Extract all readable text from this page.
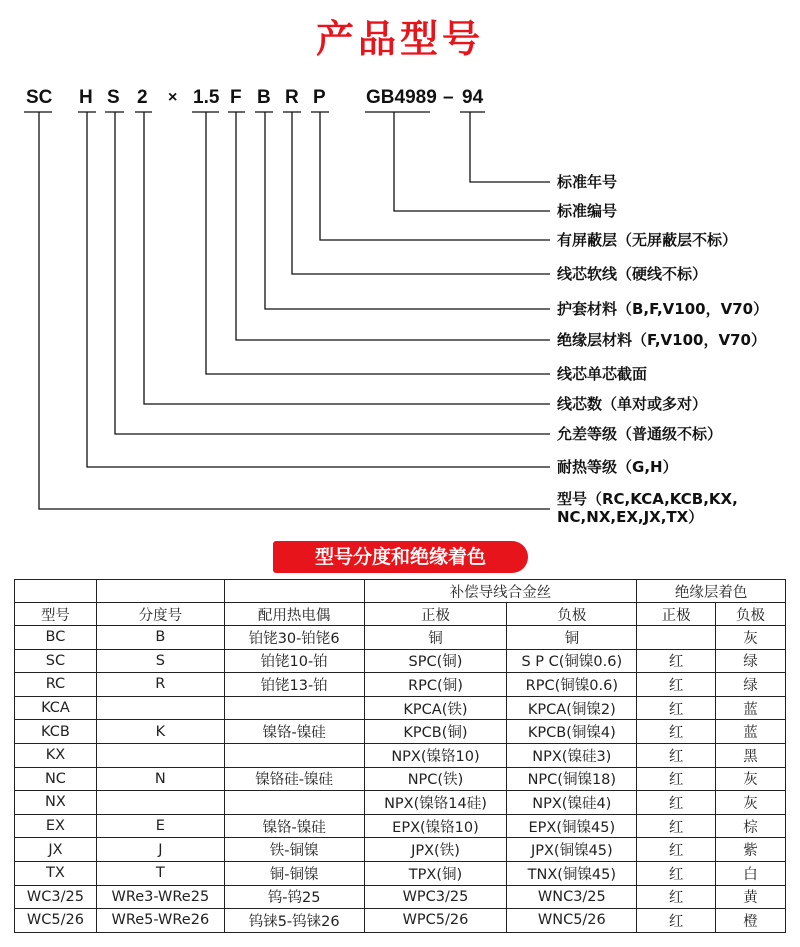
产品型号
SC H S 2 × 1.5 F B R P GB4989 – 94
标准年号
标准编号
有屏蔽层（无屏蔽层不标）
线芯软线（硬线不标）
护套材料（B,F,V100，V70）
绝缘层材料（F,V100，V70）
线芯单芯截面
线芯数（单对或多对）
允差等级（普通级不标）
耐热等级（G,H）
型号（RC,KCA,KCB,KX, NC,NX,EX,JX,TX）
型号分度和绝缘着色
			补偿导线合金丝		绝缘层着色	
型号	分度号	配用热电偶	正极	负极	正极	负极
BC	B	铂铑30-铂铑6	铜	铜		灰
SC	S	铂铑10-铂	SPC(铜)	S P C(铜镍0.6)	红	绿
RC	R	铂铑13-铂	RPC(铜)	RPC(铜镍0.6)	红	绿
KCA			KPCA(铁)	KPCA(铜镍2)	红	蓝
KCB	K	镍铬-镍硅	KPCB(铜)	KPCB(铜镍4)	红	蓝
KX			NPX(镍铬10)	NPX(镍硅3)	红	黑
NC	N	镍铬硅-镍硅	NPC(铁)	NPC(铜镍18)	红	灰
NX			NPX(镍铬14硅)	NPX(镍硅4)	红	灰
EX	E	镍铬-镍硅	EPX(镍铬10)	EPX(铜镍45)	红	棕
JX	J	铁-铜镍	JPX(铁)	JPX(铜镍45)	红	紫
TX	T	铜-铜镍	TPX(铜)	TNX(铜镍45)	红	白
WC3/25	WRe3-WRe25	钨-钨25	WPC3/25	WNC3/25	红	黄
WC5/26	WRe5-WRe26	钨铼5-钨铼26	WPC5/26	WNC5/26	红	橙
